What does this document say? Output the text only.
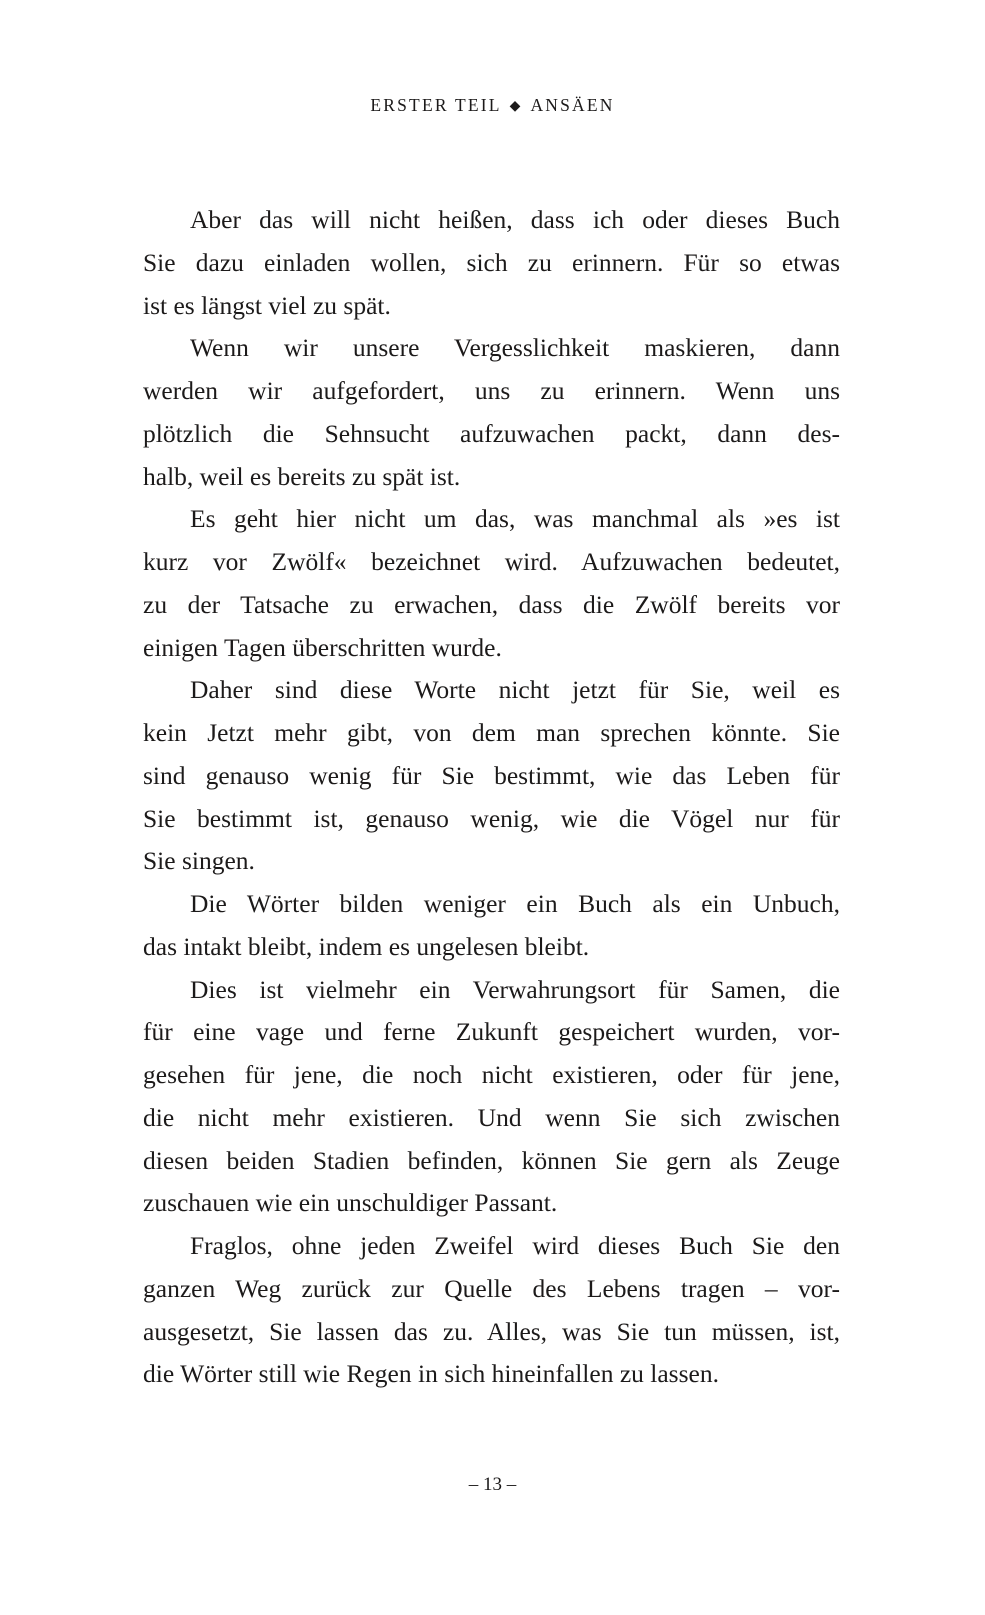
ERSTER TEIL ◆ ANSÄEN
Aber das will nicht heißen, dass ich oder dieses Buch
Sie dazu einladen wollen, sich zu erinnern. Für so etwas
ist es längst viel zu spät.
Wenn wir unsere Vergesslichkeit maskieren, dann
werden wir aufgefordert, uns zu erinnern. Wenn uns
plötzlich die Sehnsucht aufzuwachen packt, dann des-
halb, weil es bereits zu spät ist.
Es geht hier nicht um das, was manchmal als »es ist
kurz vor Zwölf« bezeichnet wird. Aufzuwachen bedeutet,
zu der Tatsache zu erwachen, dass die Zwölf bereits vor
einigen Tagen überschritten wurde.
Daher sind diese Worte nicht jetzt für Sie, weil es
kein Jetzt mehr gibt, von dem man sprechen könnte. Sie
sind genauso wenig für Sie bestimmt, wie das Leben für
Sie bestimmt ist, genauso wenig, wie die Vögel nur für
Sie singen.
Die Wörter bilden weniger ein Buch als ein Unbuch,
das intakt bleibt, indem es ungelesen bleibt.
Dies ist vielmehr ein Verwahrungsort für Samen, die
für eine vage und ferne Zukunft gespeichert wurden, vor-
gesehen für jene, die noch nicht existieren, oder für jene,
die nicht mehr existieren. Und wenn Sie sich zwischen
diesen beiden Stadien befinden, können Sie gern als Zeuge
zuschauen wie ein unschuldiger Passant.
Fraglos, ohne jeden Zweifel wird dieses Buch Sie den
ganzen Weg zurück zur Quelle des Lebens tragen – vor-
ausgesetzt, Sie lassen das zu. Alles, was Sie tun müssen, ist,
die Wörter still wie Regen in sich hineinfallen zu lassen.
– 13 –
